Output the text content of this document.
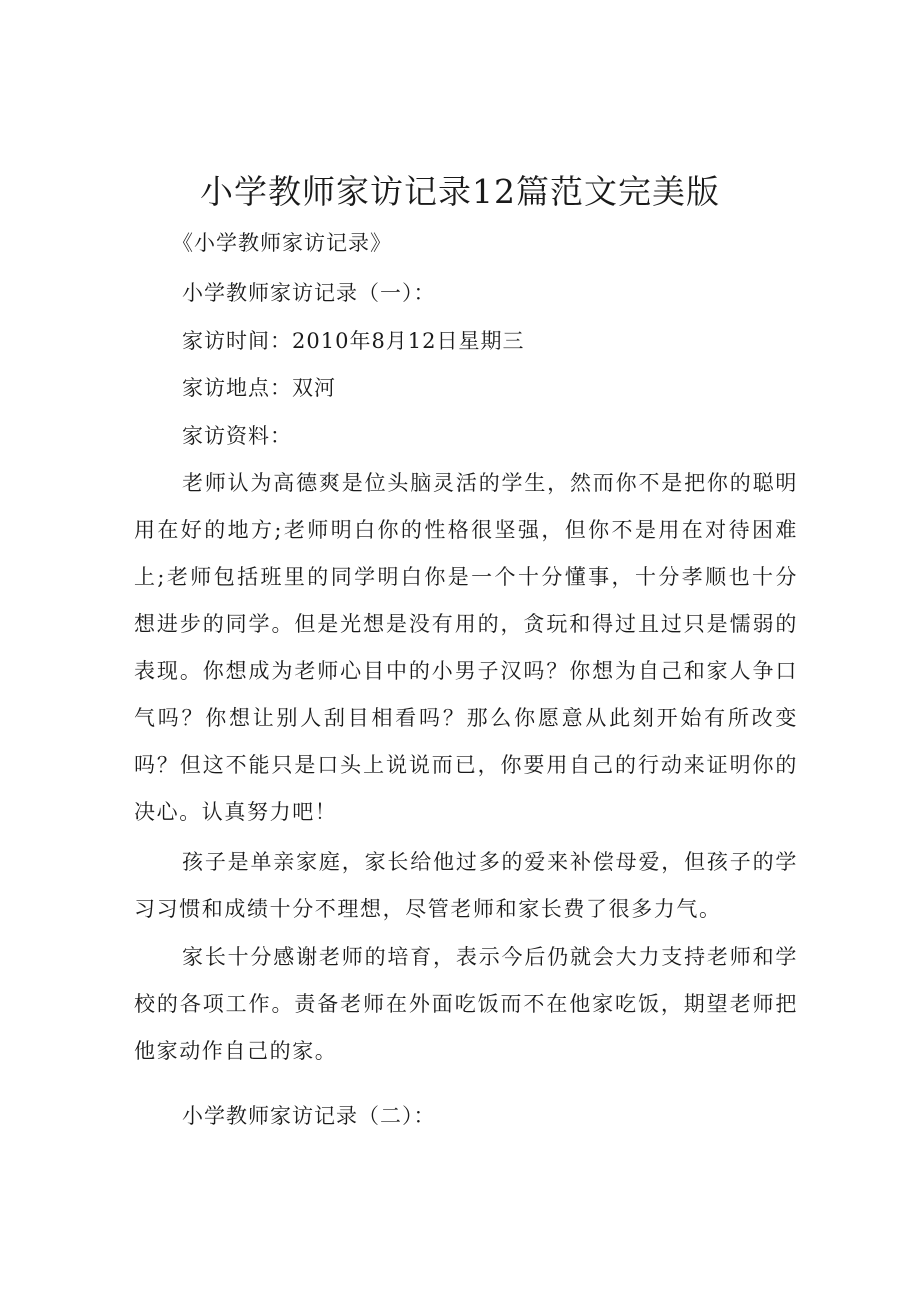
小学教师家访记录12篇范文完美版

《小学教师家访记录》

小学教师家访记录（一）：

家访时间：2010年8月12日星期三

家访地点：双河

家访资料：

老师认为高德爽是位头脑灵活的学生，然而你不是把你的聪明用在好的地方;老师明白你的性格很坚强，但你不是用在对待困难上;老师包括班里的同学明白你是一个十分懂事，十分孝顺也十分想进步的同学。但是光想是没有用的，贪玩和得过且过只是懦弱的表现。你想成为老师心目中的小男子汉吗？你想为自己和家人争口气吗？你想让别人刮目相看吗？那么你愿意从此刻开始有所改变吗？但这不能只是口头上说说而已，你要用自己的行动来证明你的决心。认真努力吧！

孩子是单亲家庭，家长给他过多的爱来补偿母爱，但孩子的学习习惯和成绩十分不理想，尽管老师和家长费了很多力气。

家长十分感谢老师的培育，表示今后仍就会大力支持老师和学校的各项工作。责备老师在外面吃饭而不在他家吃饭，期望老师把他家动作自己的家。

小学教师家访记录（二）：
